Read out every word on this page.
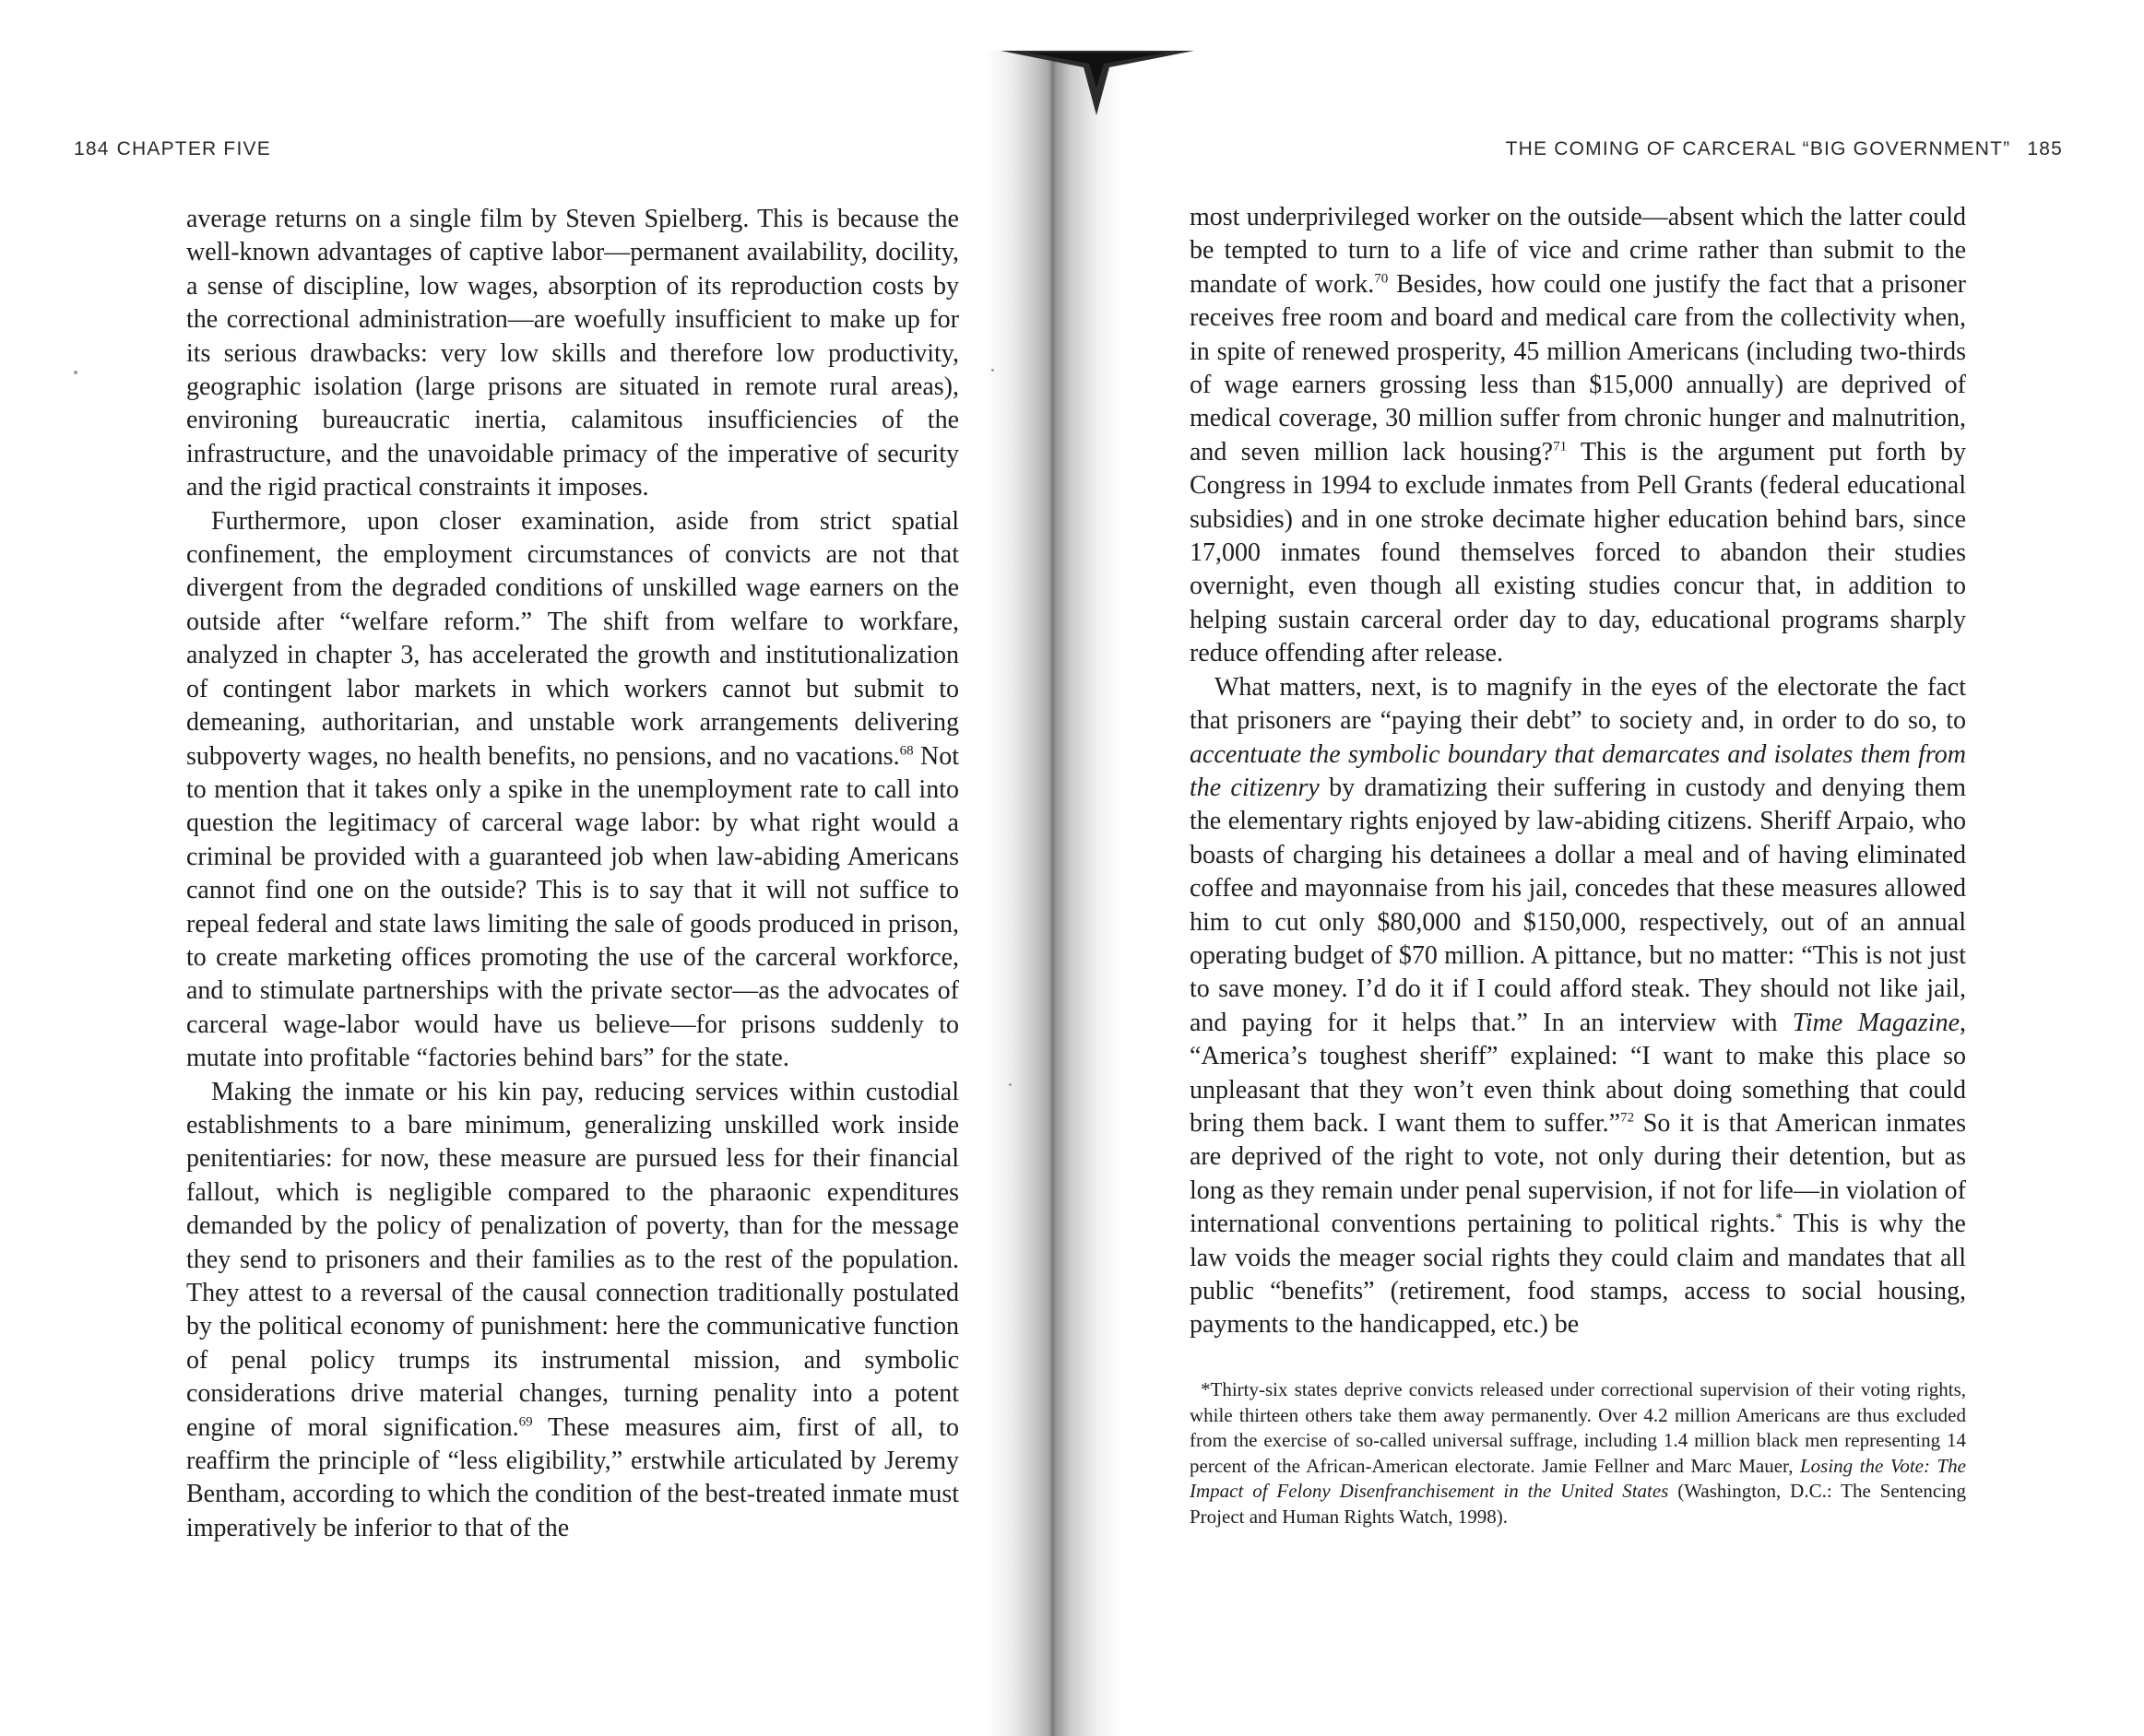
184 CHAPTER FIVE

average returns on a single film by Steven Spielberg. This is because the well-known advantages of captive labor—permanent availability, docility, a sense of discipline, low wages, absorption of its reproduction costs by the correctional administration—are woefully insufficient to make up for its serious drawbacks: very low skills and therefore low productivity, geographic isolation (large prisons are situated in remote rural areas), environing bureaucratic inertia, calamitous insufficiencies of the infrastructure, and the unavoidable primacy of the imperative of security and the rigid practical constraints it imposes.

Furthermore, upon closer examination, aside from strict spatial confinement, the employment circumstances of convicts are not that divergent from the degraded conditions of unskilled wage earners on the outside after “welfare reform.” The shift from welfare to workfare, analyzed in chapter 3, has accelerated the growth and institutionalization of contingent labor markets in which workers cannot but submit to demeaning, authoritarian, and unstable work arrangements delivering subpoverty wages, no health benefits, no pensions, and no vacations.$^{68}$ Not to mention that it takes only a spike in the unemployment rate to call into question the legitimacy of carceral wage labor: by what right would a criminal be provided with a guaranteed job when law-abiding Americans cannot find one on the outside? This is to say that it will not suffice to repeal federal and state laws limiting the sale of goods produced in prison, to create marketing offices promoting the use of the carceral workforce, and to stimulate partnerships with the private sector—as the advocates of carceral wage-labor would have us believe—for prisons suddenly to mutate into profitable “factories behind bars” for the state.

Making the inmate or his kin pay, reducing services within custodial establishments to a bare minimum, generalizing unskilled work inside penitentiaries: for now, these measure are pursued less for their financial fallout, which is negligible compared to the pharaonic expenditures demanded by the policy of penalization of poverty, than for the message they send to prisoners and their families as to the rest of the population. They attest to a reversal of the causal connection traditionally postulated by the political economy of punishment: here the communicative function of penal policy trumps its instrumental mission, and symbolic considerations drive material changes, turning penality into a potent engine of moral signification.$^{69}$ These measures aim, first of all, to reaffirm the principle of “less eligibility,” erstwhile articulated by Jeremy Bentham, according to which the condition of the best-treated inmate must imperatively be inferior to that of the

THE COMING OF CARCERAL “BIG GOVERNMENT” 185

most underprivileged worker on the outside—absent which the latter could be tempted to turn to a life of vice and crime rather than submit to the mandate of work.$^{70}$ Besides, how could one justify the fact that a prisoner receives free room and board and medical care from the collectivity when, in spite of renewed prosperity, 45 million Americans (including two-thirds of wage earners grossing less than $15,000 annually) are deprived of medical coverage, 30 million suffer from chronic hunger and malnutrition, and seven million lack housing?$^{71}$ This is the argument put forth by Congress in 1994 to exclude inmates from Pell Grants (federal educational subsidies) and in one stroke decimate higher education behind bars, since 17,000 inmates found themselves forced to abandon their studies overnight, even though all existing studies concur that, in addition to helping sustain carceral order day to day, educational programs sharply reduce offending after release.

What matters, next, is to magnify in the eyes of the electorate the fact that prisoners are “paying their debt” to society and, in order to do so, to accentuate the symbolic boundary that demarcates and isolates them from the citizenry by dramatizing their suffering in custody and denying them the elementary rights enjoyed by law-abiding citizens. Sheriff Arpaio, who boasts of charging his detainees a dollar a meal and of having eliminated coffee and mayonnaise from his jail, concedes that these measures allowed him to cut only $80,000 and $150,000, respectively, out of an annual operating budget of $70 million. A pittance, but no matter: “This is not just to save money. I’d do it if I could afford steak. They should not like jail, and paying for it helps that.” In an interview with Time Magazine, “America’s toughest sheriff” explained: “I want to make this place so unpleasant that they won’t even think about doing something that could bring them back. I want them to suffer.”$^{72}$ So it is that American inmates are deprived of the right to vote, not only during their detention, but as long as they remain under penal supervision, if not for life—in violation of international conventions pertaining to political rights.* This is why the law voids the meager social rights they could claim and mandates that all public “benefits” (retirement, food stamps, access to social housing, payments to the handicapped, etc.) be

*Thirty-six states deprive convicts released under correctional supervision of their voting rights, while thirteen others take them away permanently. Over 4.2 million Americans are thus excluded from the exercise of so-called universal suffrage, including 1.4 million black men representing 14 percent of the African-American electorate. Jamie Fellner and Marc Mauer, Losing the Vote: The Impact of Felony Disenfranchisement in the United States (Washington, D.C.: The Sentencing Project and Human Rights Watch, 1998).
